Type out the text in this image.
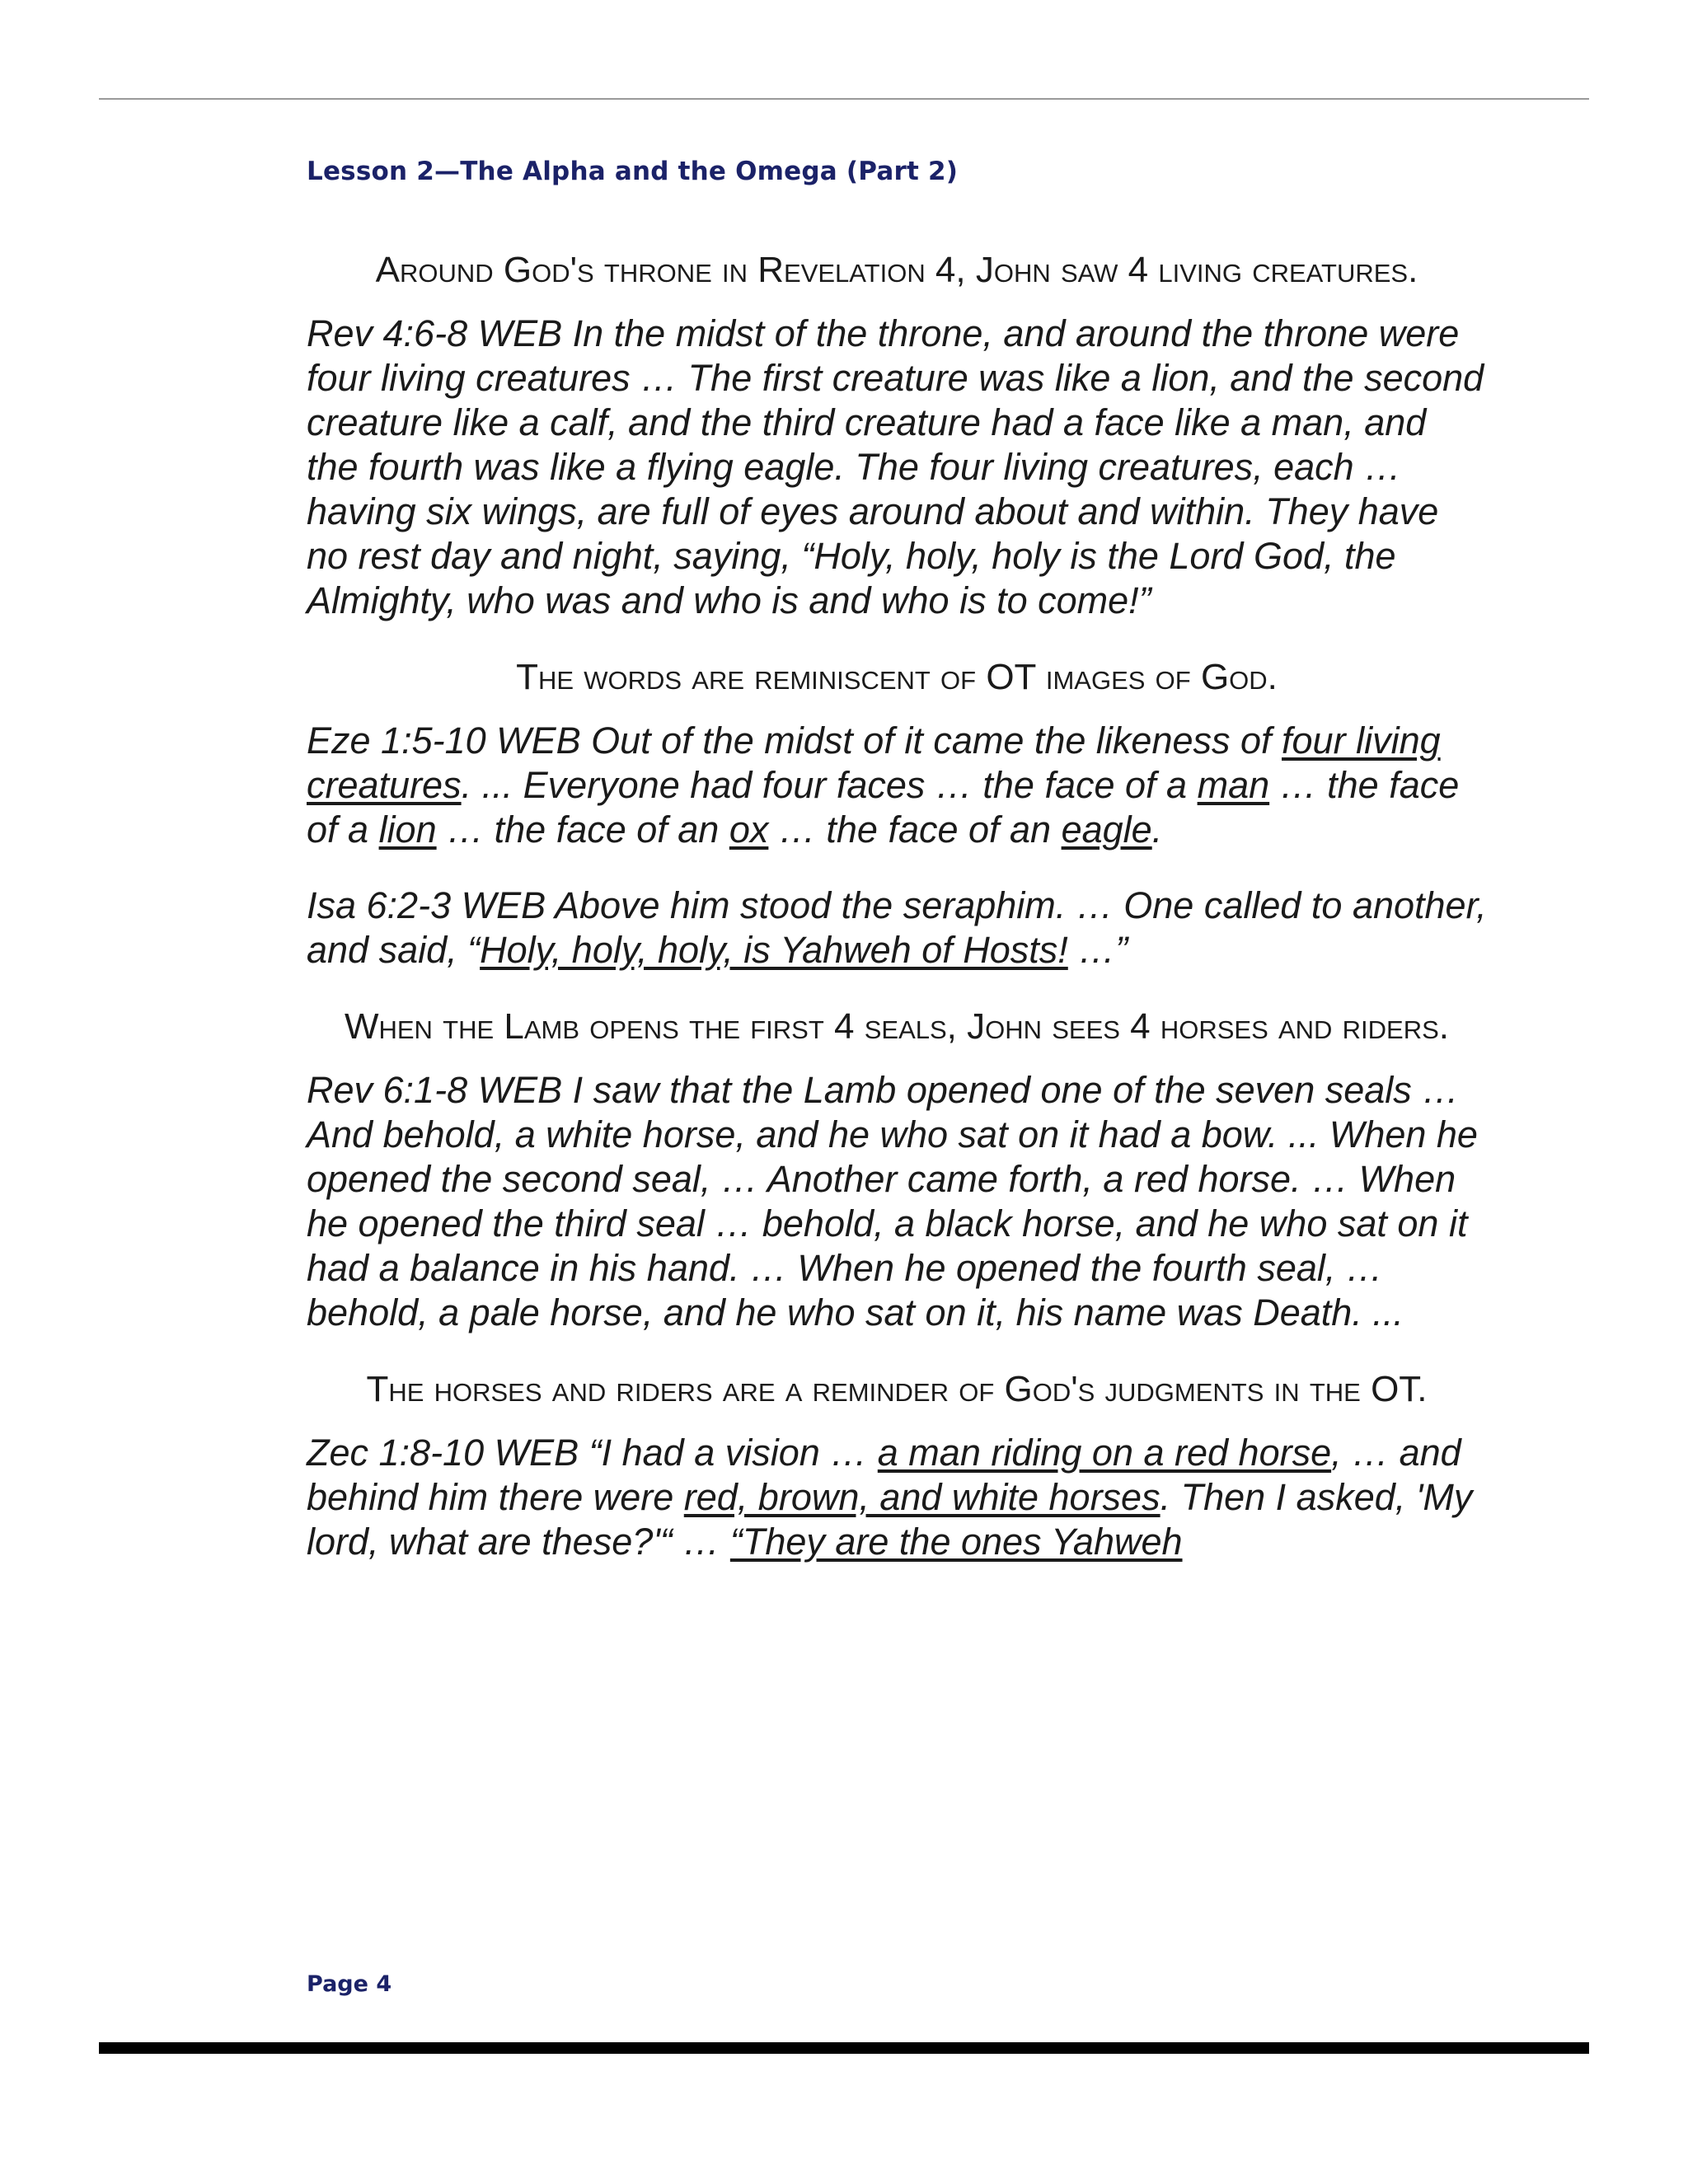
Lesson 2—The Alpha and the Omega (Part 2)

Around God's throne in Revelation 4, John saw 4 living creatures.

Rev 4:6-8 WEB In the midst of the throne, and around the throne were four living creatures … The first creature was like a lion, and the second creature like a calf, and the third creature had a face like a man, and the fourth was like a flying eagle. The four living creatures, each … having six wings, are full of eyes around about and within. They have no rest day and night, saying, “Holy, holy, holy is the Lord God, the Almighty, who was and who is and who is to come!”

The words are reminiscent of OT images of God.

Eze 1:5-10 WEB Out of the midst of it came the likeness of four living creatures. ... Everyone had four faces … the face of a man … the face of a lion … the face of an ox … the face of an eagle.

Isa 6:2-3 WEB Above him stood the seraphim. … One called to another, and said, “Holy, holy, holy, is Yahweh of Hosts! …”

When the Lamb opens the first 4 seals, John sees 4 horses and riders.

Rev 6:1-8 WEB I saw that the Lamb opened one of the seven seals … And behold, a white horse, and he who sat on it had a bow. ... When he opened the second seal, … Another came forth, a red horse. … When he opened the third seal … behold, a black horse, and he who sat on it had a balance in his hand. … When he opened the fourth seal, … behold, a pale horse, and he who sat on it, his name was Death. ...

The horses and riders are a reminder of God's judgments in the OT.

Zec 1:8-10 WEB “I had a vision … a man riding on a red horse, … and behind him there were red, brown, and white horses. Then I asked, 'My lord, what are these?'“ … “They are the ones Yahweh

Page 4
